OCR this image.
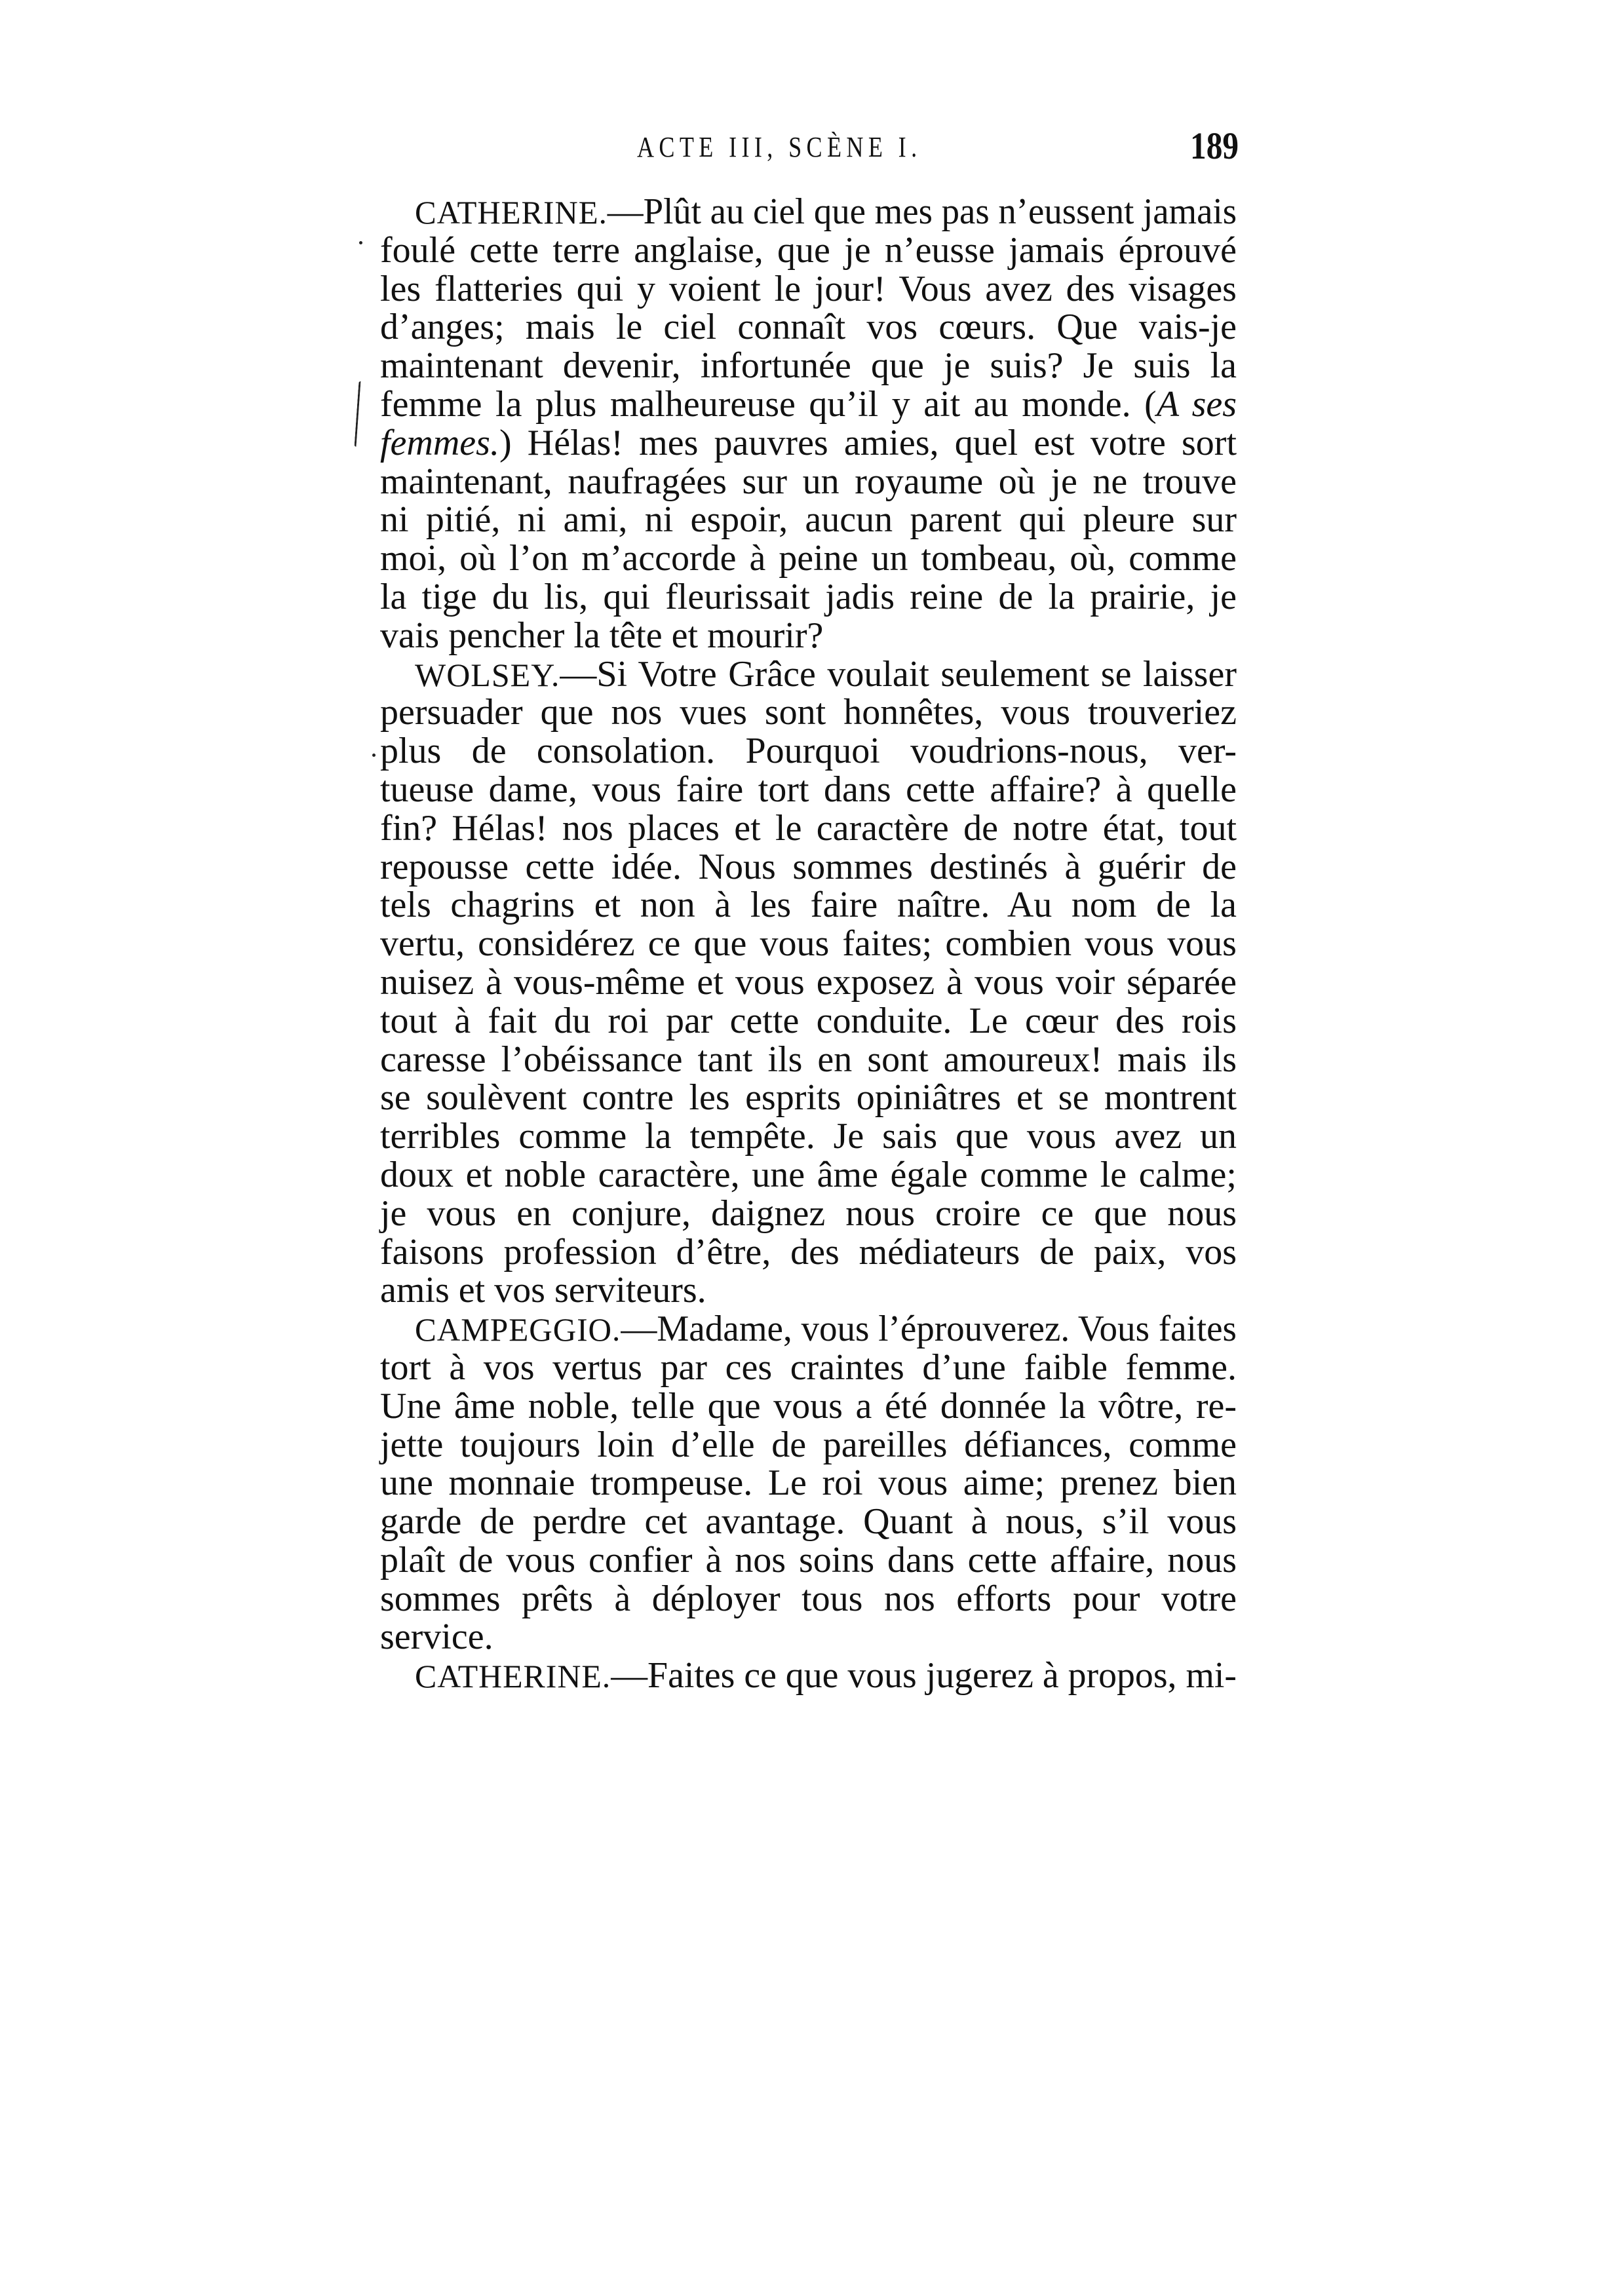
ACTE III, SCÈNE I.	189
CATHERINE.—Plût au ciel que mes pas n’eussent jamais
foulé cette terre anglaise, que je n’eusse jamais éprouvé
les flatteries qui y voient le jour! Vous avez des visages
d’anges; mais le ciel connaît vos cœurs. Que vais-je
maintenant devenir, infortunée que je suis? Je suis la
femme la plus malheureuse qu’il y ait au monde. (A ses
femmes.) Hélas! mes pauvres amies, quel est votre sort
maintenant, naufragées sur un royaume où je ne trouve
ni pitié, ni ami, ni espoir, aucun parent qui pleure sur
moi, où l’on m’accorde à peine un tombeau, où, comme
la tige du lis, qui fleurissait jadis reine de la prairie, je
vais pencher la tête et mourir?
WOLSEY.—Si Votre Grâce voulait seulement se laisser
persuader que nos vues sont honnêtes, vous trouveriez
plus de consolation. Pourquoi voudrions-nous, ver-
tueuse dame, vous faire tort dans cette affaire? à quelle
fin? Hélas! nos places et le caractère de notre état, tout
repousse cette idée. Nous sommes destinés à guérir de
tels chagrins et non à les faire naître. Au nom de la
vertu, considérez ce que vous faites; combien vous vous
nuisez à vous-même et vous exposez à vous voir séparée
tout à fait du roi par cette conduite. Le cœur des rois
caresse l’obéissance tant ils en sont amoureux! mais ils
se soulèvent contre les esprits opiniâtres et se montrent
terribles comme la tempête. Je sais que vous avez un
doux et noble caractère, une âme égale comme le calme;
je vous en conjure, daignez nous croire ce que nous
faisons profession d’être, des médiateurs de paix, vos
amis et vos serviteurs.
CAMPEGGIO.—Madame, vous l’éprouverez. Vous faites
tort à vos vertus par ces craintes d’une faible femme.
Une âme noble, telle que vous a été donnée la vôtre, re-
jette toujours loin d’elle de pareilles défiances, comme
une monnaie trompeuse. Le roi vous aime; prenez bien
garde de perdre cet avantage. Quant à nous, s’il vous
plaît de vous confier à nos soins dans cette affaire, nous
sommes prêts à déployer tous nos efforts pour votre
service.
CATHERINE.—Faites ce que vous jugerez à propos, mi-
